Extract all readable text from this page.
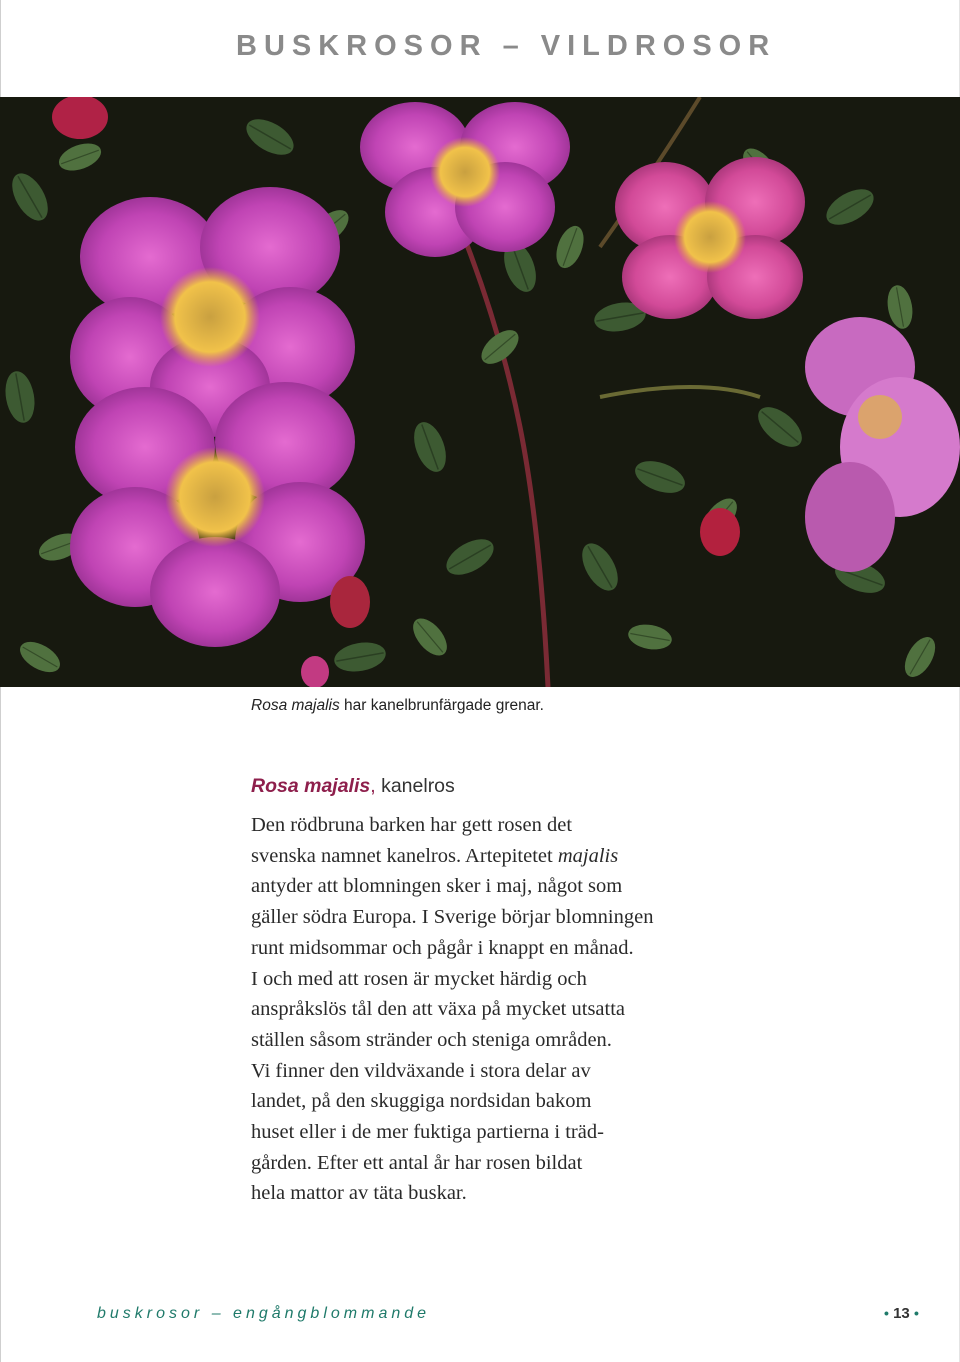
BUSKROSOR – VILDROSOR
Rosa majalis har kanelbrunfärgade grenar.
Rosa majalis, kanelros
Den rödbruna barken har gett rosen det
svenska namnet kanelros. Artepitetet majalis
antyder att blomningen sker i maj, något som
gäller södra Europa. I Sverige börjar blomningen
runt midsommar och pågår i knappt en månad.
I och med att rosen är mycket härdig och
anspråkslös tål den att växa på mycket utsatta
ställen såsom stränder och steniga områden.
Vi finner den vildväxande i stora delar av
landet, på den skuggiga nordsidan bakom
huset eller i de mer fuktiga partierna i träd-
gården. Efter ett antal år har rosen bildat
hela mattor av täta buskar.
buskrosor – engångblommande	• 13 •
